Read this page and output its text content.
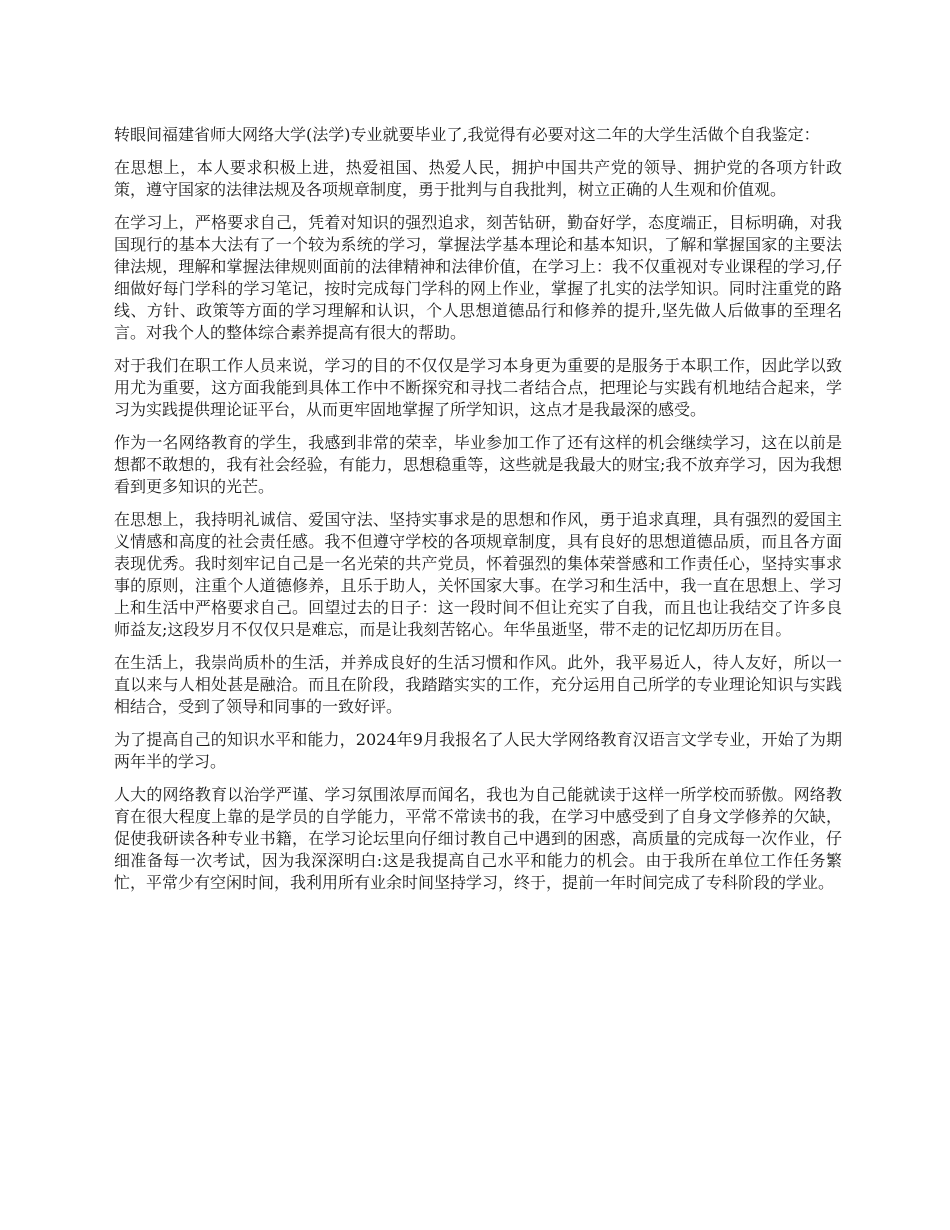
转眼间福建省师大网络大学(法学)专业就要毕业了,我觉得有必要对这二年的大学生活做个自我鉴定：

在思想上，本人要求积极上进，热爱祖国、热爱人民，拥护中国共产党的领导、拥护党的各项方针政策，遵守国家的法律法规及各项规章制度，勇于批判与自我批判，树立正确的人生观和价值观。

在学习上，严格要求自己，凭着对知识的强烈追求，刻苦钻研，勤奋好学，态度端正，目标明确，对我国现行的基本大法有了一个较为系统的学习，掌握法学基本理论和基本知识，了解和掌握国家的主要法律法规，理解和掌握法律规则面前的法律精神和法律价值，在学习上：我不仅重视对专业课程的学习,仔细做好每门学科的学习笔记，按时完成每门学科的网上作业，掌握了扎实的法学知识。同时注重党的路线、方针、政策等方面的学习理解和认识，个人思想道德品行和修养的提升,坚先做人后做事的至理名言。对我个人的整体综合素养提高有很大的帮助。

对于我们在职工作人员来说，学习的目的不仅仅是学习本身更为重要的是服务于本职工作，因此学以致用尤为重要，这方面我能到具体工作中不断探究和寻找二者结合点，把理论与实践有机地结合起来，学习为实践提供理论证平台，从而更牢固地掌握了所学知识，这点才是我最深的感受。

作为一名网络教育的学生，我感到非常的荣幸，毕业参加工作了还有这样的机会继续学习，这在以前是想都不敢想的，我有社会经验，有能力，思想稳重等，这些就是我最大的财宝;我不放弃学习，因为我想看到更多知识的光芒。

在思想上，我持明礼诚信、爱国守法、坚持实事求是的思想和作风，勇于追求真理，具有强烈的爱国主义情感和高度的社会责任感。我不但遵守学校的各项规章制度，具有良好的思想道德品质，而且各方面表现优秀。我时刻牢记自己是一名光荣的共产党员，怀着强烈的集体荣誉感和工作责任心，坚持实事求事的原则，注重个人道德修养，且乐于助人，关怀国家大事。在学习和生活中，我一直在思想上、学习上和生活中严格要求自己。回望过去的日子：这一段时间不但让充实了自我，而且也让我结交了许多良师益友;这段岁月不仅仅只是难忘，而是让我刻苦铭心。年华虽逝坚，带不走的记忆却历历在目。

在生活上，我崇尚质朴的生活，并养成良好的生活习惯和作风。此外，我平易近人，待人友好，所以一直以来与人相处甚是融洽。而且在阶段，我踏踏实实的工作，充分运用自己所学的专业理论知识与实践相结合，受到了领导和同事的一致好评。

为了提高自己的知识水平和能力，2024年9月我报名了人民大学网络教育汉语言文学专业，开始了为期两年半的学习。

人大的网络教育以治学严谨、学习氛围浓厚而闻名，我也为自己能就读于这样一所学校而骄傲。网络教育在很大程度上靠的是学员的自学能力，平常不常读书的我，在学习中感受到了自身文学修养的欠缺，促使我研读各种专业书籍，在学习论坛里向仔细讨教自己中遇到的困惑，高质量的完成每一次作业，仔细准备每一次考试，因为我深深明白:这是我提高自己水平和能力的机会。由于我所在单位工作任务繁忙，平常少有空闲时间，我利用所有业余时间坚持学习，终于，提前一年时间完成了专科阶段的学业。
